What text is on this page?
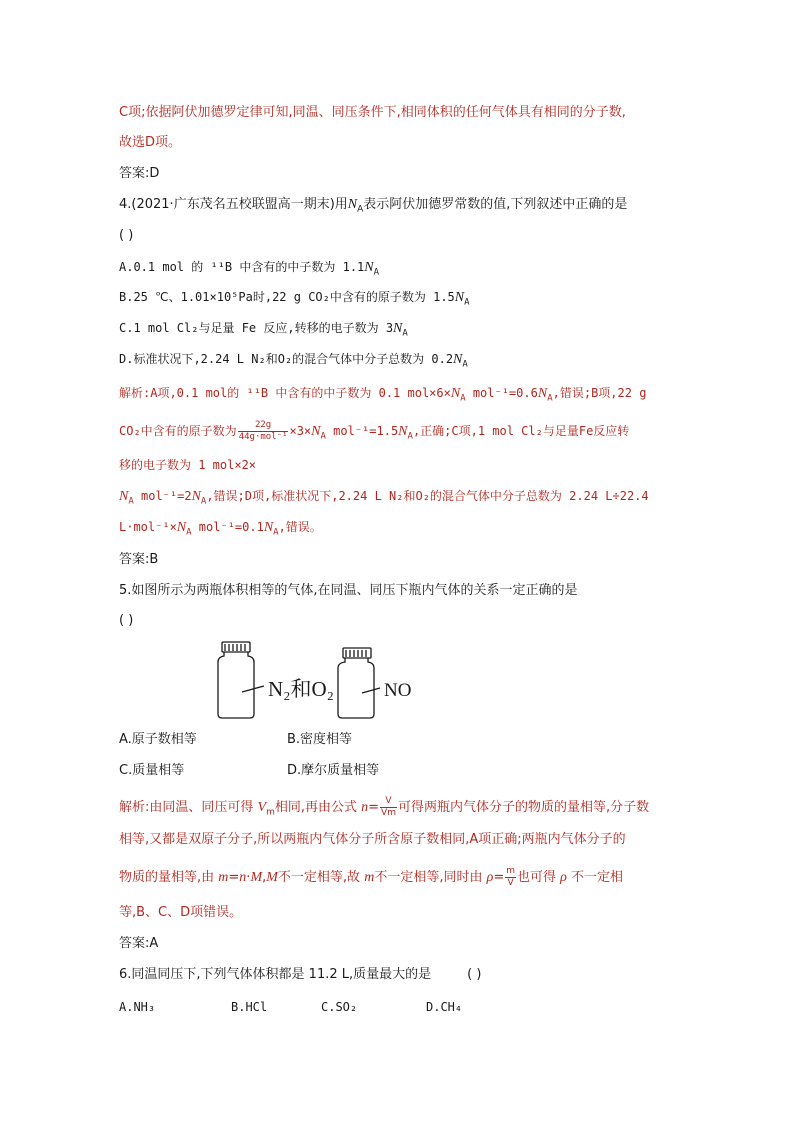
C项;依据阿伏加德罗定律可知,同温、同压条件下,相同体积的任何气体具有相同的分子数,
故选D项。
答案:D
4.(2021·广东茂名五校联盟高一期末)用$N_A$表示阿伏加德罗常数的值,下列叙述中正确的是
( )
A.0.1 mol 的 ¹¹B 中含有的中子数为 $1.1N_A$
B.25 ℃、1.01×10⁵Pa时,22 g CO₂中含有的原子数为 $1.5N_A$
C.1 mol Cl₂与足量 Fe 反应,转移的电子数为 $3N_A$
D.标准状况下,2.24 L N₂和O₂的混合气体中分子总数为 $0.2N_A$
解析:A项,0.1 mol的 ¹¹B 中含有的中子数为 0.1 $mol\times 6\times N_A$ $mol^{-1}=0.6N_A$,错误;B项,22 g
CO₂中含有的原子数为 $\frac{22g}{\text{44g·mol⁻¹}} \times 3\times N_A$ $mol^{-1}=1.5N_A$,正确;C项,1 mol Cl₂与足量Fe反应转
移的电子数为 1 mol×2×
$N_A$ $mol^{-1}=2N_A$,错误;D项,标准状况下,2.24 L N₂和O₂的混合气体中分子总数为 2.24 L÷22.4
$L\cdot mol^{-1}\times N_A$ $mol^{-1}=0.1N_A$,错误。
答案:B
5.如图所示为两瓶体积相等的气体,在同温、同压下瓶内气体的关系一定正确的是
( )
N₂和O₂	NO
A.原子数相等	B.密度相等
C.质量相等	D.摩尔质量相等
解析:由同温、同压可得 $V_m$相同,再由公式 $n= \frac{V}{Vm}$ 可得两瓶内气体分子的物质的量相等,分子数
相等,又都是双原子分子,所以两瓶内气体分子所含原子数相同,A项正确;两瓶内气体分子的
物质的量相等,由 m=n·M,M不一定相等,故 m不一定相等,同时由 $\rho= \frac{m}{V}$ 也可得 ρ 不一定相
等,B、C、D项错误。
答案:A
6.同温同压下,下列气体体积都是 11.2 L,质量最大的是	( )
A.NH₃	B.HCl	C.SO₂	D.CH₄
